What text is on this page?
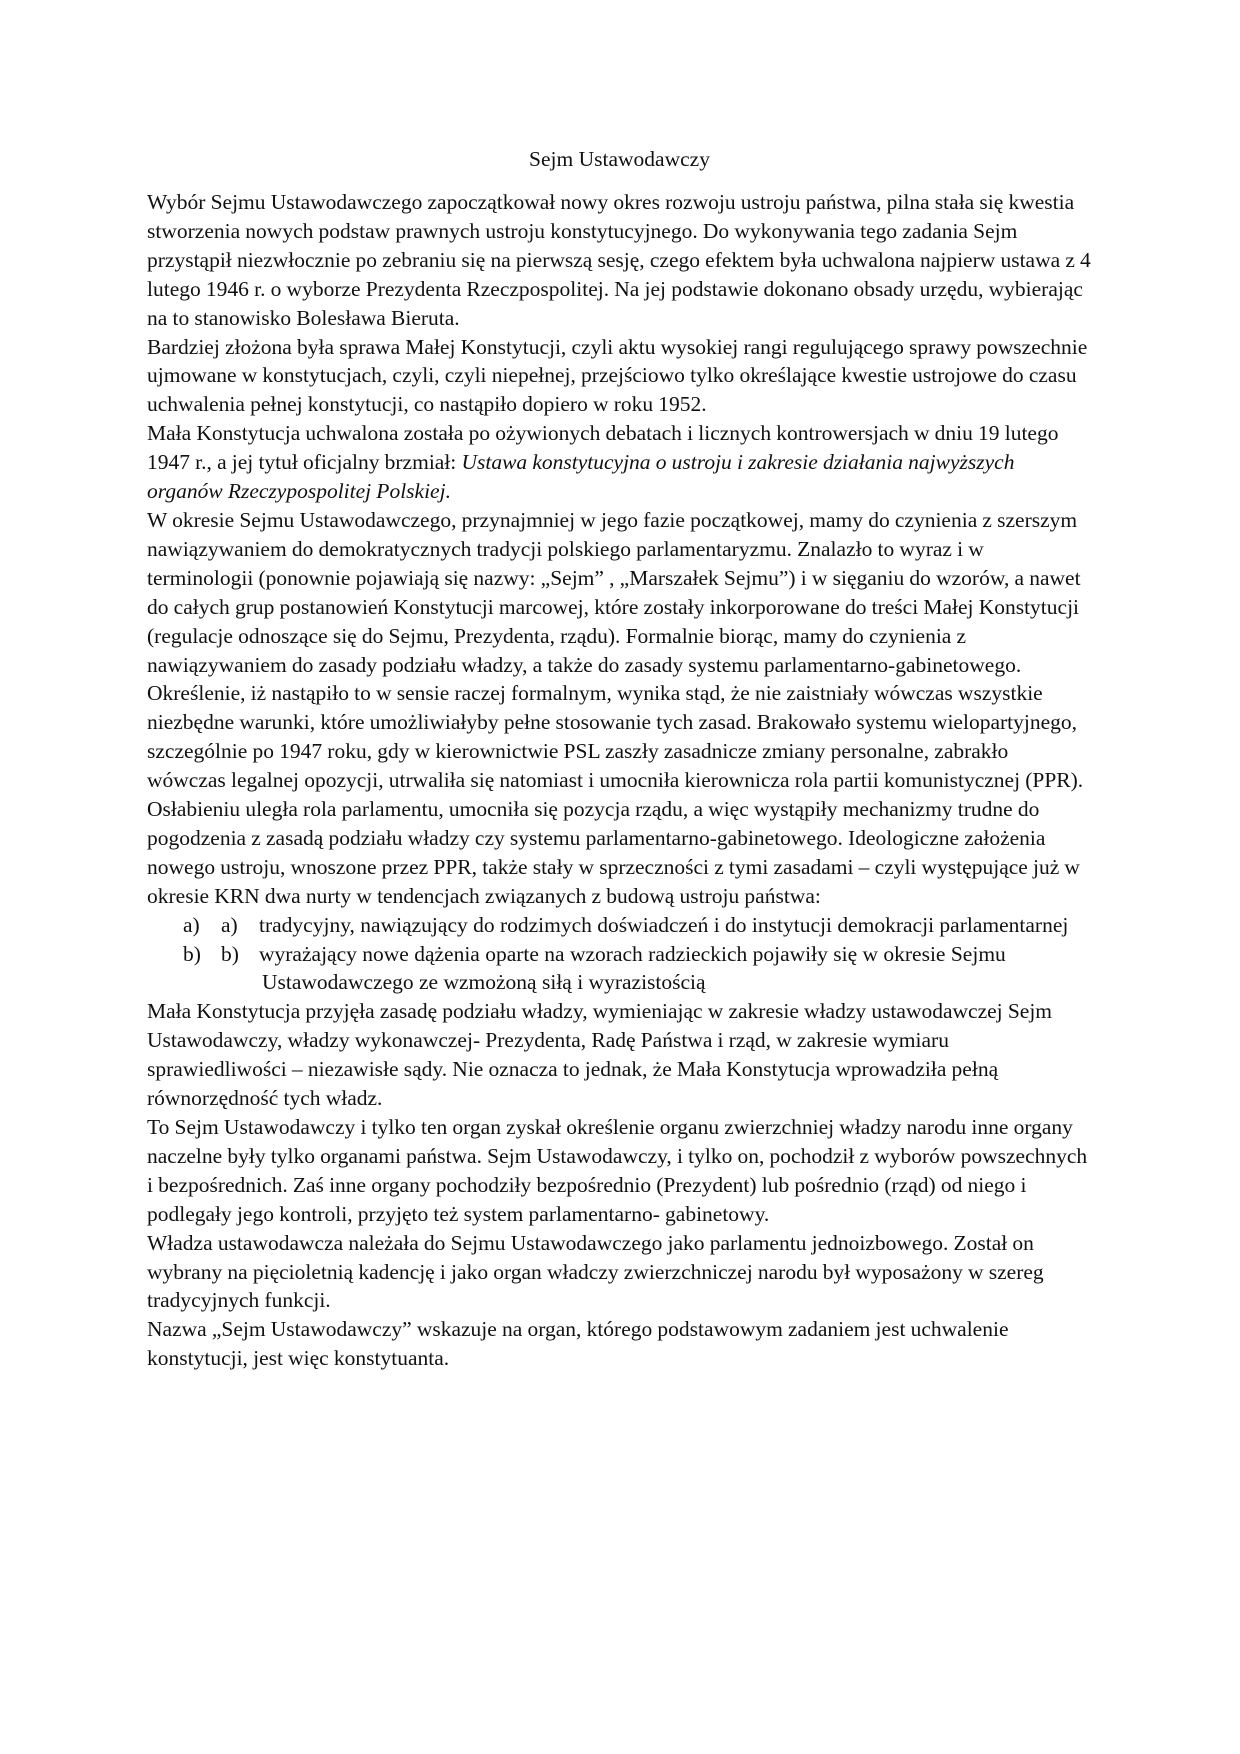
Sejm Ustawodawczy

Wybór Sejmu Ustawodawczego zapoczątkował nowy okres rozwoju ustroju państwa, pilna stała się kwestia stworzenia nowych podstaw prawnych ustroju konstytucyjnego. Do wykonywania tego zadania Sejm przystąpił niezwłocznie po zebraniu się na pierwszą sesję, czego efektem była uchwalona najpierw ustawa z 4 lutego 1946 r. o wyborze Prezydenta Rzeczpospolitej. Na jej podstawie dokonano obsady urzędu, wybierając na to stanowisko Bolesława Bieruta.

Bardziej złożona była sprawa Małej Konstytucji, czyli aktu wysokiej rangi regulującego sprawy powszechnie ujmowane w konstytucjach, czyli, czyli niepełnej, przejściowo tylko określające kwestie ustrojowe do czasu uchwalenia pełnej konstytucji, co nastąpiło dopiero w roku 1952.

Mała Konstytucja uchwalona została po ożywionych debatach i licznych kontrowersjach w dniu 19 lutego 1947 r., a jej tytuł oficjalny brzmiał: Ustawa konstytucyjna o ustroju i zakresie działania najwyższych organów Rzeczypospolitej Polskiej.

W okresie Sejmu Ustawodawczego, przynajmniej w jego fazie początkowej, mamy do czynienia z szerszym nawiązywaniem do demokratycznych tradycji polskiego parlamentaryzmu. Znalazło to wyraz i w terminologii (ponownie pojawiają się nazwy: „Sejm” , „Marszałek Sejmu”) i w sięganiu do wzorów, a nawet do całych grup postanowień Konstytucji marcowej, które zostały inkorporowane do treści Małej Konstytucji (regulacje odnoszące się do Sejmu, Prezydenta, rządu). Formalnie biorąc, mamy do czynienia z nawiązywaniem do zasady podziału władzy, a także do zasady systemu parlamentarno-gabinetowego. Określenie, iż nastąpiło to w sensie raczej formalnym, wynika stąd, że nie zaistniały wówczas wszystkie niezbędne warunki, które umożliwiałyby pełne stosowanie tych zasad. Brakowało systemu wielopartyjnego, szczególnie po 1947 roku, gdy w kierownictwie PSL zaszły zasadnicze zmiany personalne, zabrakło wówczas legalnej opozycji, utrwaliła się natomiast i umocniła kierownicza rola partii komunistycznej (PPR). Osłabieniu uległa rola parlamentu, umocniła się pozycja rządu, a więc wystąpiły mechanizmy trudne do pogodzenia z zasadą podziału władzy czy systemu parlamentarno-gabinetowego. Ideologiczne założenia nowego ustroju, wnoszone przez PPR, także stały w sprzeczności z tymi zasadami – czyli występujące już w okresie KRN dwa nurty w tendencjach związanych z budową ustroju państwa:

a) a) tradycyjny, nawiązujący do rodzimych doświadczeń i do instytucji demokracji parlamentarnej
b) b) wyrażający nowe dążenia oparte na wzorach radzieckich pojawiły się w okresie Sejmu Ustawodawczego ze wzmożoną siłą i wyrazistością

Mała Konstytucja przyjęła zasadę podziału władzy, wymieniając w zakresie władzy ustawodawczej Sejm Ustawodawczy, władzy wykonawczej- Prezydenta, Radę Państwa i rząd, w zakresie wymiaru sprawiedliwości – niezawisłe sądy. Nie oznacza to jednak, że Mała Konstytucja wprowadziła pełną równorzędność tych władz.

To Sejm Ustawodawczy i tylko ten organ zyskał określenie organu zwierzchniej władzy narodu inne organy naczelne były tylko organami państwa. Sejm Ustawodawczy, i tylko on, pochodził z wyborów powszechnych i bezpośrednich. Zaś inne organy pochodziły bezpośrednio (Prezydent) lub pośrednio (rząd) od niego i podlegały jego kontroli, przyjęto też system parlamentarno- gabinetowy.

Władza ustawodawcza należała do Sejmu Ustawodawczego jako parlamentu jednoizbowego. Został on wybrany na pięcioletnią kadencję i jako organ władczy zwierzchniczej narodu był wyposażony w szereg tradycyjnych funkcji.

Nazwa „Sejm Ustawodawczy” wskazuje na organ, którego podstawowym zadaniem jest uchwalenie konstytucji, jest więc konstytuanta.
